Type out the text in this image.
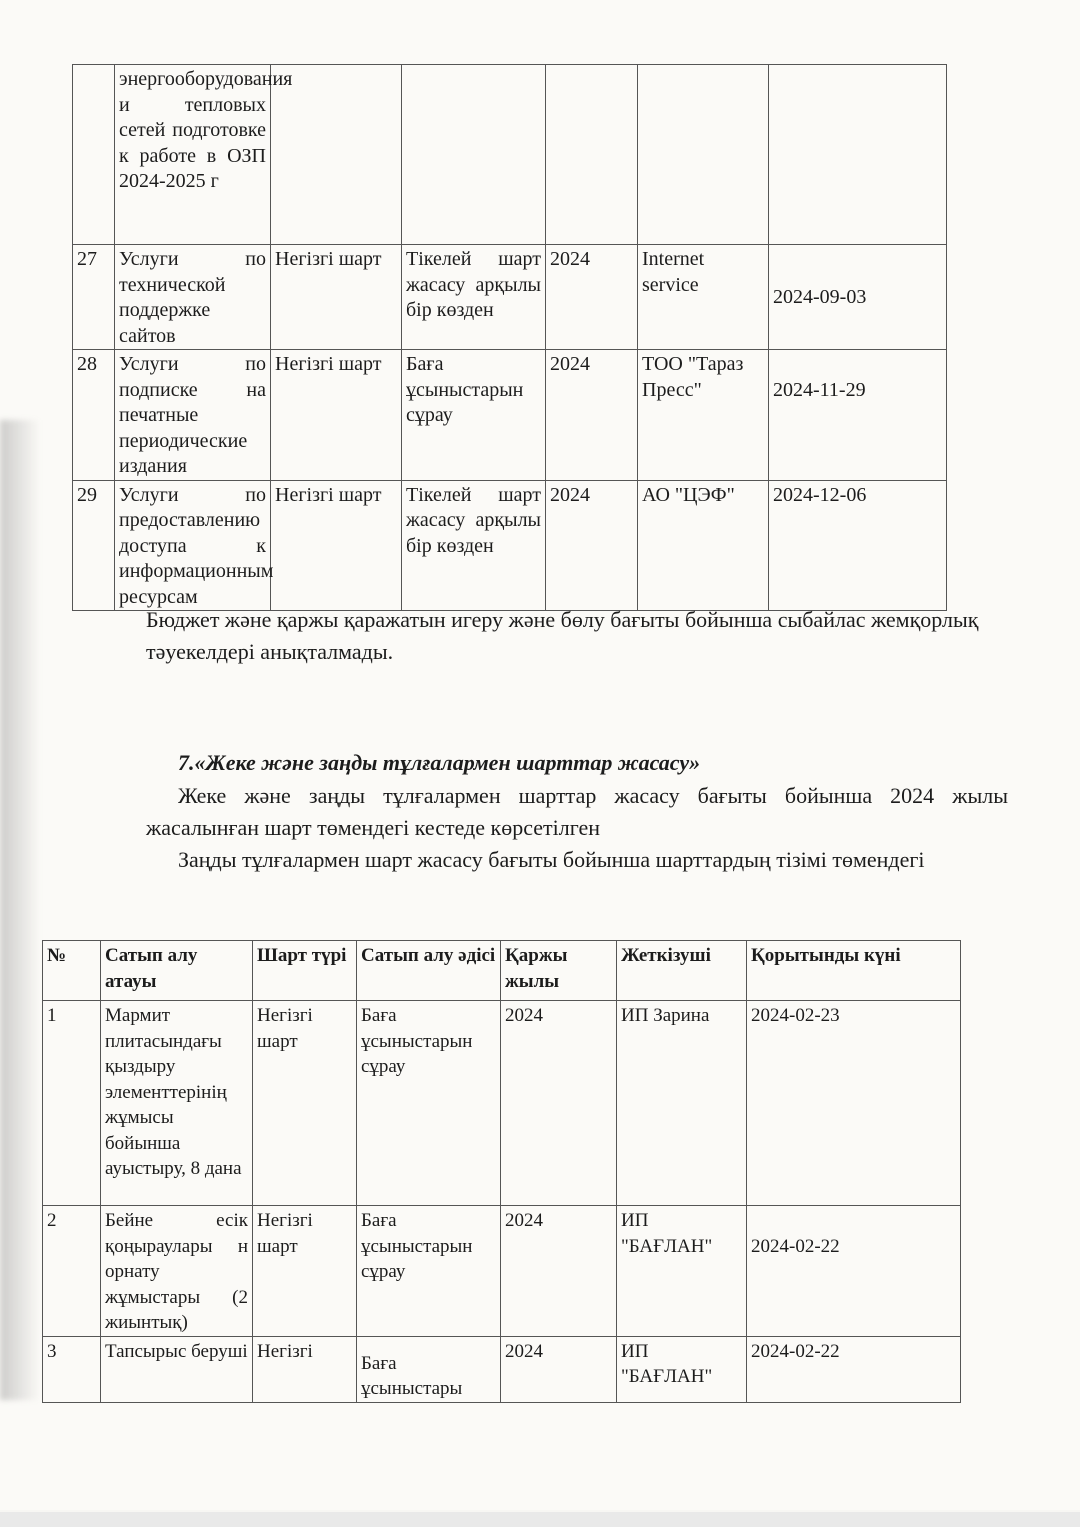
	энергооборудования и тепловых сетей подготовке к работе в ОЗП 2024-2025 г					
27	Услуги по технической поддержке сайтов	Негізгі шарт	Тікелей шарт жасасу арқылы бір көзден	2024	Internet service	2024-09-03
28	Услуги по подписке на печатные периодические издания	Негізгі шарт	Баға ұсыныстарын сұрау	2024	ТОО "Тараз Пресс"	2024-11-29
29	Услуги по предоставлению доступа к информационным ресурсам	Негізгі шарт	Тікелей шарт жасасу арқылы бір көзден	2024	АО "ЦЭФ"	2024-12-06

Бюджет және қаржы қаражатын игеру және бөлу бағыты бойынша сыбайлас жемқорлық тәуекелдері анықталмады.

7.«Жеке және заңды тұлғалармен шарттар жасасу»

Жеке және заңды тұлғалармен шарттар жасасу бағыты бойынша 2024 жылы жасалынған шарт төмендегі кестеде көрсетілген

Заңды тұлғалармен шарт жасасу бағыты бойынша шарттардың тізімі төмендегі

№	Сатып алу атауы	Шарт түрі	Сатып алу әдісі	Қаржы жылы	Жеткізуші	Қорытынды күні
1	Мармит плитасындағы қыздыру элементтерінің жұмысы бойынша ауыстыру, 8 дана	Негізгі шарт	Баға ұсыныстарын сұрау	2024	ИП Зарина	2024-02-23
2	Бейне есік қоңыраулары н орнату жұмыстары (2 жиынтық)	Негізгі шарт	Баға ұсыныстарын сұрау	2024	ИП "БАҒЛАН"	2024-02-22
3	Тапсырыс беруші	Негізгі	Баға ұсыныстары	2024	ИП "БАҒЛАН"	2024-02-22
